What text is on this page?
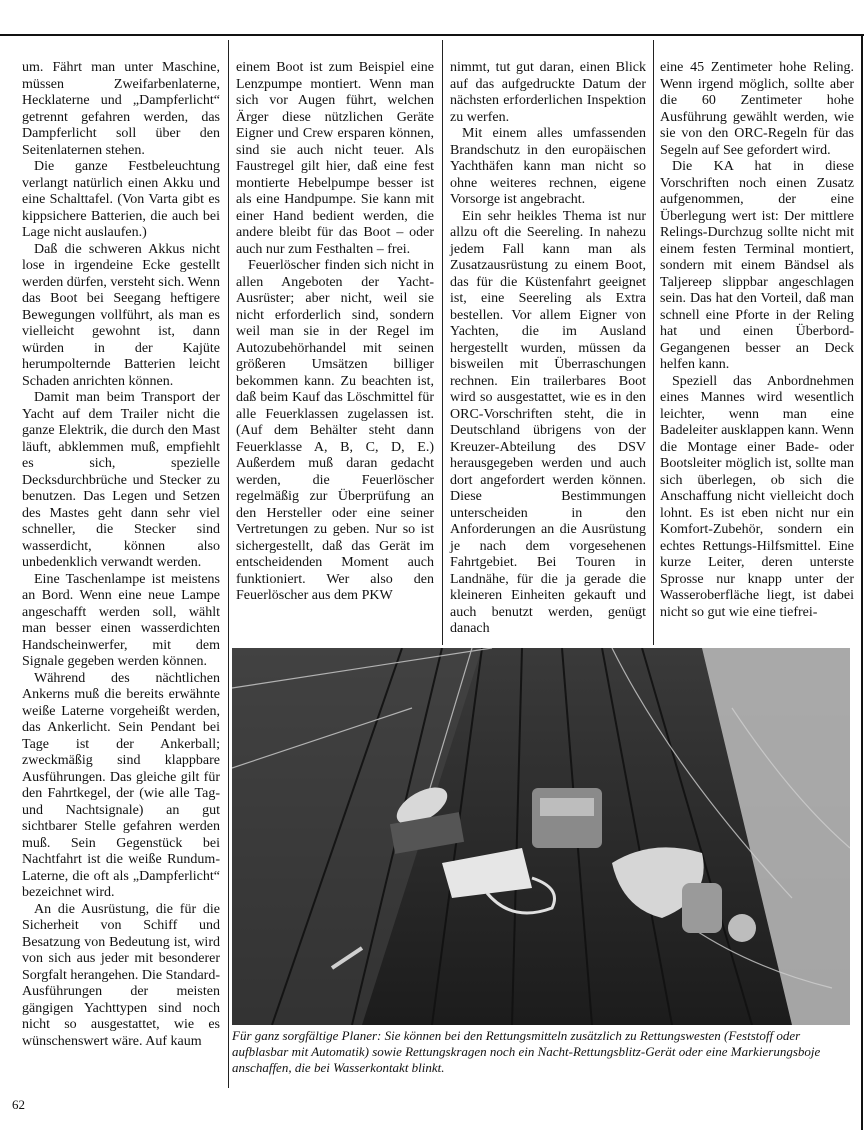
um. Fährt man unter Maschine, müssen Zweifarbenlaterne, Hecklaterne und „Dampferlicht“ getrennt gefahren werden, das Dampferlicht soll über den Seitenlaternen stehen.

Die ganze Festbeleuchtung verlangt natürlich einen Akku und eine Schalttafel. (Von Varta gibt es kippsichere Batterien, die auch bei Lage nicht auslaufen.)

Daß die schweren Akkus nicht lose in irgendeine Ecke gestellt werden dürfen, versteht sich. Wenn das Boot bei Seegang heftigere Bewegungen vollführt, als man es vielleicht gewohnt ist, dann würden in der Kajüte herumpolternde Batterien leicht Schaden anrichten können.

Damit man beim Transport der Yacht auf dem Trailer nicht die ganze Elektrik, die durch den Mast läuft, abklemmen muß, empfiehlt es sich, spezielle Decksdurchbrüche und Stecker zu benutzen. Das Legen und Setzen des Mastes geht dann sehr viel schneller, die Stecker sind wasserdicht, können also unbedenklich verwandt werden.

Eine Taschenlampe ist meistens an Bord. Wenn eine neue Lampe angeschafft werden soll, wählt man besser einen wasserdichten Handscheinwerfer, mit dem Signale gegeben werden können.

Während des nächtlichen Ankerns muß die bereits erwähnte weiße Laterne vorgeheißt werden, das Ankerlicht. Sein Pendant bei Tage ist der Ankerball; zweckmäßig sind klappbare Ausführungen. Das gleiche gilt für den Fahrtkegel, der (wie alle Tag- und Nachtsignale) an gut sichtbarer Stelle gefahren werden muß. Sein Gegenstück bei Nachtfahrt ist die weiße Rundum-Laterne, die oft als „Dampferlicht“ bezeichnet wird.

An die Ausrüstung, die für die Sicherheit von Schiff und Besatzung von Bedeutung ist, wird von sich aus jeder mit besonderer Sorgfalt herangehen. Die Standard-Ausführungen der meisten gängigen Yachttypen sind noch nicht so ausgestattet, wie es wünschenswert wäre. Auf kaum

einem Boot ist zum Beispiel eine Lenzpumpe montiert. Wenn man sich vor Augen führt, welchen Ärger diese nützlichen Geräte Eigner und Crew ersparen können, sind sie auch nicht teuer. Als Faustregel gilt hier, daß eine fest montierte Hebelpumpe besser ist als eine Handpumpe. Sie kann mit einer Hand bedient werden, die andere bleibt für das Boot – oder auch nur zum Festhalten – frei.

Feuerlöscher finden sich nicht in allen Angeboten der Yacht-Ausrüster; aber nicht, weil sie nicht erforderlich sind, sondern weil man sie in der Regel im Autozubehörhandel mit seinen größeren Umsätzen billiger bekommen kann. Zu beachten ist, daß beim Kauf das Löschmittel für alle Feuerklassen zugelassen ist. (Auf dem Behälter steht dann Feuerklasse A, B, C, D, E.) Außerdem muß daran gedacht werden, die Feuerlöscher regelmäßig zur Überprüfung an den Hersteller oder eine seiner Vertretungen zu geben. Nur so ist sichergestellt, daß das Gerät im entscheidenden Moment auch funktioniert. Wer also den Feuerlöscher aus dem PKW

nimmt, tut gut daran, einen Blick auf das aufgedruckte Datum der nächsten erforderlichen Inspektion zu werfen.

Mit einem alles umfassenden Brandschutz in den europäischen Yachthäfen kann man nicht so ohne weiteres rechnen, eigene Vorsorge ist angebracht.

Ein sehr heikles Thema ist nur allzu oft die Seereling. In nahezu jedem Fall kann man als Zusatzausrüstung zu einem Boot, das für die Küstenfahrt geeignet ist, eine Seereling als Extra bestellen. Vor allem Eigner von Yachten, die im Ausland hergestellt wurden, müssen da bisweilen mit Überraschungen rechnen. Ein trailerbares Boot wird so ausgestattet, wie es in den ORC-Vorschriften steht, die in Deutschland übrigens von der Kreuzer-Abteilung des DSV herausgegeben werden und auch dort angefordert werden können. Diese Bestimmungen unterscheiden in den Anforderungen an die Ausrüstung je nach dem vorgesehenen Fahrtgebiet. Bei Touren in Landnähe, für die ja gerade die kleineren Einheiten gekauft und auch benutzt werden, genügt danach

eine 45 Zentimeter hohe Reling. Wenn irgend möglich, sollte aber die 60 Zentimeter hohe Ausführung gewählt werden, wie sie von den ORC-Regeln für das Segeln auf See gefordert wird.

Die KA hat in diese Vorschriften noch einen Zusatz aufgenommen, der eine Überlegung wert ist: Der mittlere Relings-Durchzug sollte nicht mit einem festen Terminal montiert, sondern mit einem Bändsel als Taljereep slippbar angeschlagen sein. Das hat den Vorteil, daß man schnell eine Pforte in der Reling hat und einen Überbord-Gegangenen besser an Deck helfen kann.

Speziell das Anbordnehmen eines Mannes wird wesentlich leichter, wenn man eine Badeleiter ausklappen kann. Wenn die Montage einer Bade- oder Bootsleiter möglich ist, sollte man sich überlegen, ob sich die Anschaffung nicht vielleicht doch lohnt. Es ist eben nicht nur ein Komfort-Zubehör, sondern ein echtes Rettungs-Hilfsmittel. Eine kurze Leiter, deren unterste Sprosse nur knapp unter der Wasseroberfläche liegt, ist dabei nicht so gut wie eine tiefrei-

Für ganz sorgfältige Planer: Sie können bei den Rettungsmitteln zusätzlich zu Rettungswesten (Feststoff oder aufblasbar mit Automatik) sowie Rettungskragen noch ein Nacht-Rettungsblitz-Gerät oder eine Markierungsboje anschaffen, die bei Wasserkontakt blinkt.
62
